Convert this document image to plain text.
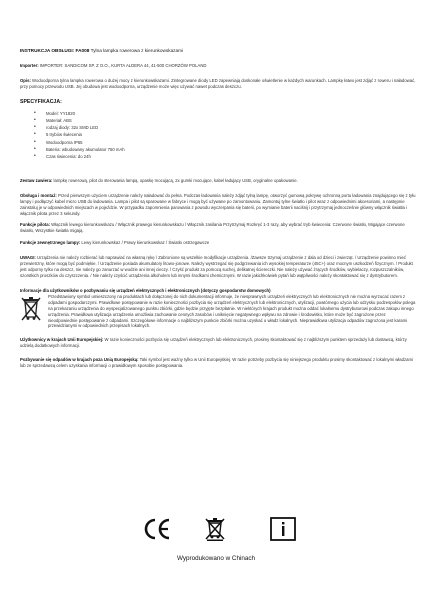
INSTRUKCJA OBSŁUGI: FA008 Tylna lampka rowerowa z kierunkowskazami

Importer: IMPORTER: SANDICOM SP. Z O.O., KURTA ALDERA 44, 41-500 CHORZÓW POLAND

Opis: Wodoodporna tylna lampka rowerowa o dużej mocy z kierunkowskazami. Zintegrowane diody LED zapewniają doskonałe oświetlenie w każdych warunkach. Lampkę łatwo jest zdjąć z roweru i naładować, przy pomocy przewodu USB. Jej obudowa jest wodoodporna, urządzenie może więc używać nawet podczas deszczu.

SPECYFIKACJA:

• Model: YY1820
• Materiał: ABS
• rodzaj diody: 32x SMD LED
• 5 trybów świecenia
• Wodoodporna IP65
• Bateria: wbudowany akumulator 750 mAh
• Czas świecenia: do 24h

Zestaw zawiera: lampkę rowerową, pilot do sterowania lampą, opaskę mocującą, 2x gumki mocujące, kabel ładujący USB, oryginalne opakowanie.

Obsługa i montaż: Przed pierwszym użyciem urządzenie należy naładować do pełna. Podczas ładowania należy zdjąć tylną lampę, otworzyć gumową pokrywę ochronną portu ładowania znajdującego się z tyłu lampy i podłączyć kabel micro USB do ładowania. Lampa i pilot są sparowane w fabryce i mogą być używane po zamontowaniu. Zamontuj tylne światło i pilot wraz z odpowiednimi akcesoriami, a następnie zainstaluj je w odpowiednich miejscach w pojeździe. W przypadku zapomnienia parowania z powodu wyczerpania się baterii, po wymianie baterii naciśnij i przytrzymaj jednocześnie główny włącznik światła i włącznik pilota przez 3 sekundy.

Funkcje pilota: Włącznik lewego kierunkowskazu / Włącznik prawego kierunkowskazu / Włącznik zasilania Przytrzymaj Rozkręć 1-3 razy, aby wybrać tryb świecenia: Czerwone światło, Migające czerwone światło, Wszystkie światła migają.

Funkcje zewnętrznego lampy: Lewy kierunkowskaz / Prawy kierunkowskaz / Światło ostrzegawcze

UWAGI: Urządzenia nie należy rozbierać lub naprawiać na własną rękę / Zabronione są wszelkie modyfikacje urządzenia. /Zawsze trzymaj urządzenie z dala od dzieci i zwierząt. / Urządzenie powinno mieć przewietrzny, które mogą być podmiękie. / Urządzenie posiada akumulatory litowo-jonowe. Należy wystrzegać się podgrzewania ich wysokiej temperaturze (45C+) oraz mocnym uszkodzeń fizycznym. / Produkt jest odporny tylko na deszcz, nie należy go zanurzać w wodzie ani innej cieczy. / Czyść produkt za pomocą suchej, delikatnej ściereczki. Nie należy używać żrących środków, wybielaczy, rozpuszczalników, szorstkich proszków do czyszczenia. / Nie należy czyścić urządzenia alkoholem lub innymi środkami chemicznymi. W razie jakichkolwiek pytań lub wątpliwości należy skontaktować się z dystrybutorem.

Informacje dla użytkowników o pozbywaniu się urządzeń elektrycznych i elektronicznych (dotyczy gospodarstw domowych)

Przedstawiony symbol umieszczony na produktach lub dołączonej do nich dokumentacji informuje, że niesprawnych urządzeń elektrycznych lub elektronicznych nie można wyrzucać razem z odpadami gospodarczymi. Prawidłowe postępowanie w razie konieczności pozbycia się urządzeń elektrycznych lub elektronicznych, utylizacji, powtórnego użycia lub odzysku podzespołów polega na przekazaniu urządzenia do wyspecjalizowanego punktu zbiórki, gdzie będzie przyjęte bezpłatnie. W niektórych krajach produkt można oddać lokalnemu dystrybutorowi podczas zakupu innego urządzenia. Prawidłowa utylizacja urządzenia umożliwia zachowanie cennych zasobów i uniknięcie negatywnego wpływu na zdrowie i środowisko, które może być zagrożone przez nieodpowiednie postępowanie z odpadami. Szczegółowe informacje o najbliższym punkcie zbiórki można uzyskać u władz lokalnych. Nieprawidłowa utylizacja odpadów zagrożona jest karami przewidzianymi w odpowiednich przepisach lokalnych.

Użytkownicy w krajach Unii Europejskiej: W razie konieczności pozbycia się urządzeń elektrycznych lub elektronicznych, prosimy skontaktować się z najbliższym punktem sprzedaży lub dostawcą, którzy udzielą dodatkowych informacji.

Pozbywanie się odpadów w krajach poza Unią Europejską: Taki symbol jest ważny tylko w Unii Europejskiej. W razie potrzeby pozbycia się niniejszego produktu prosimy skontaktować z lokalnymi władzami lub ze sprzedawcą celem uzyskania informacji o prawidłowym sposobie postępowania.

Wyprodukowano w Chinach
